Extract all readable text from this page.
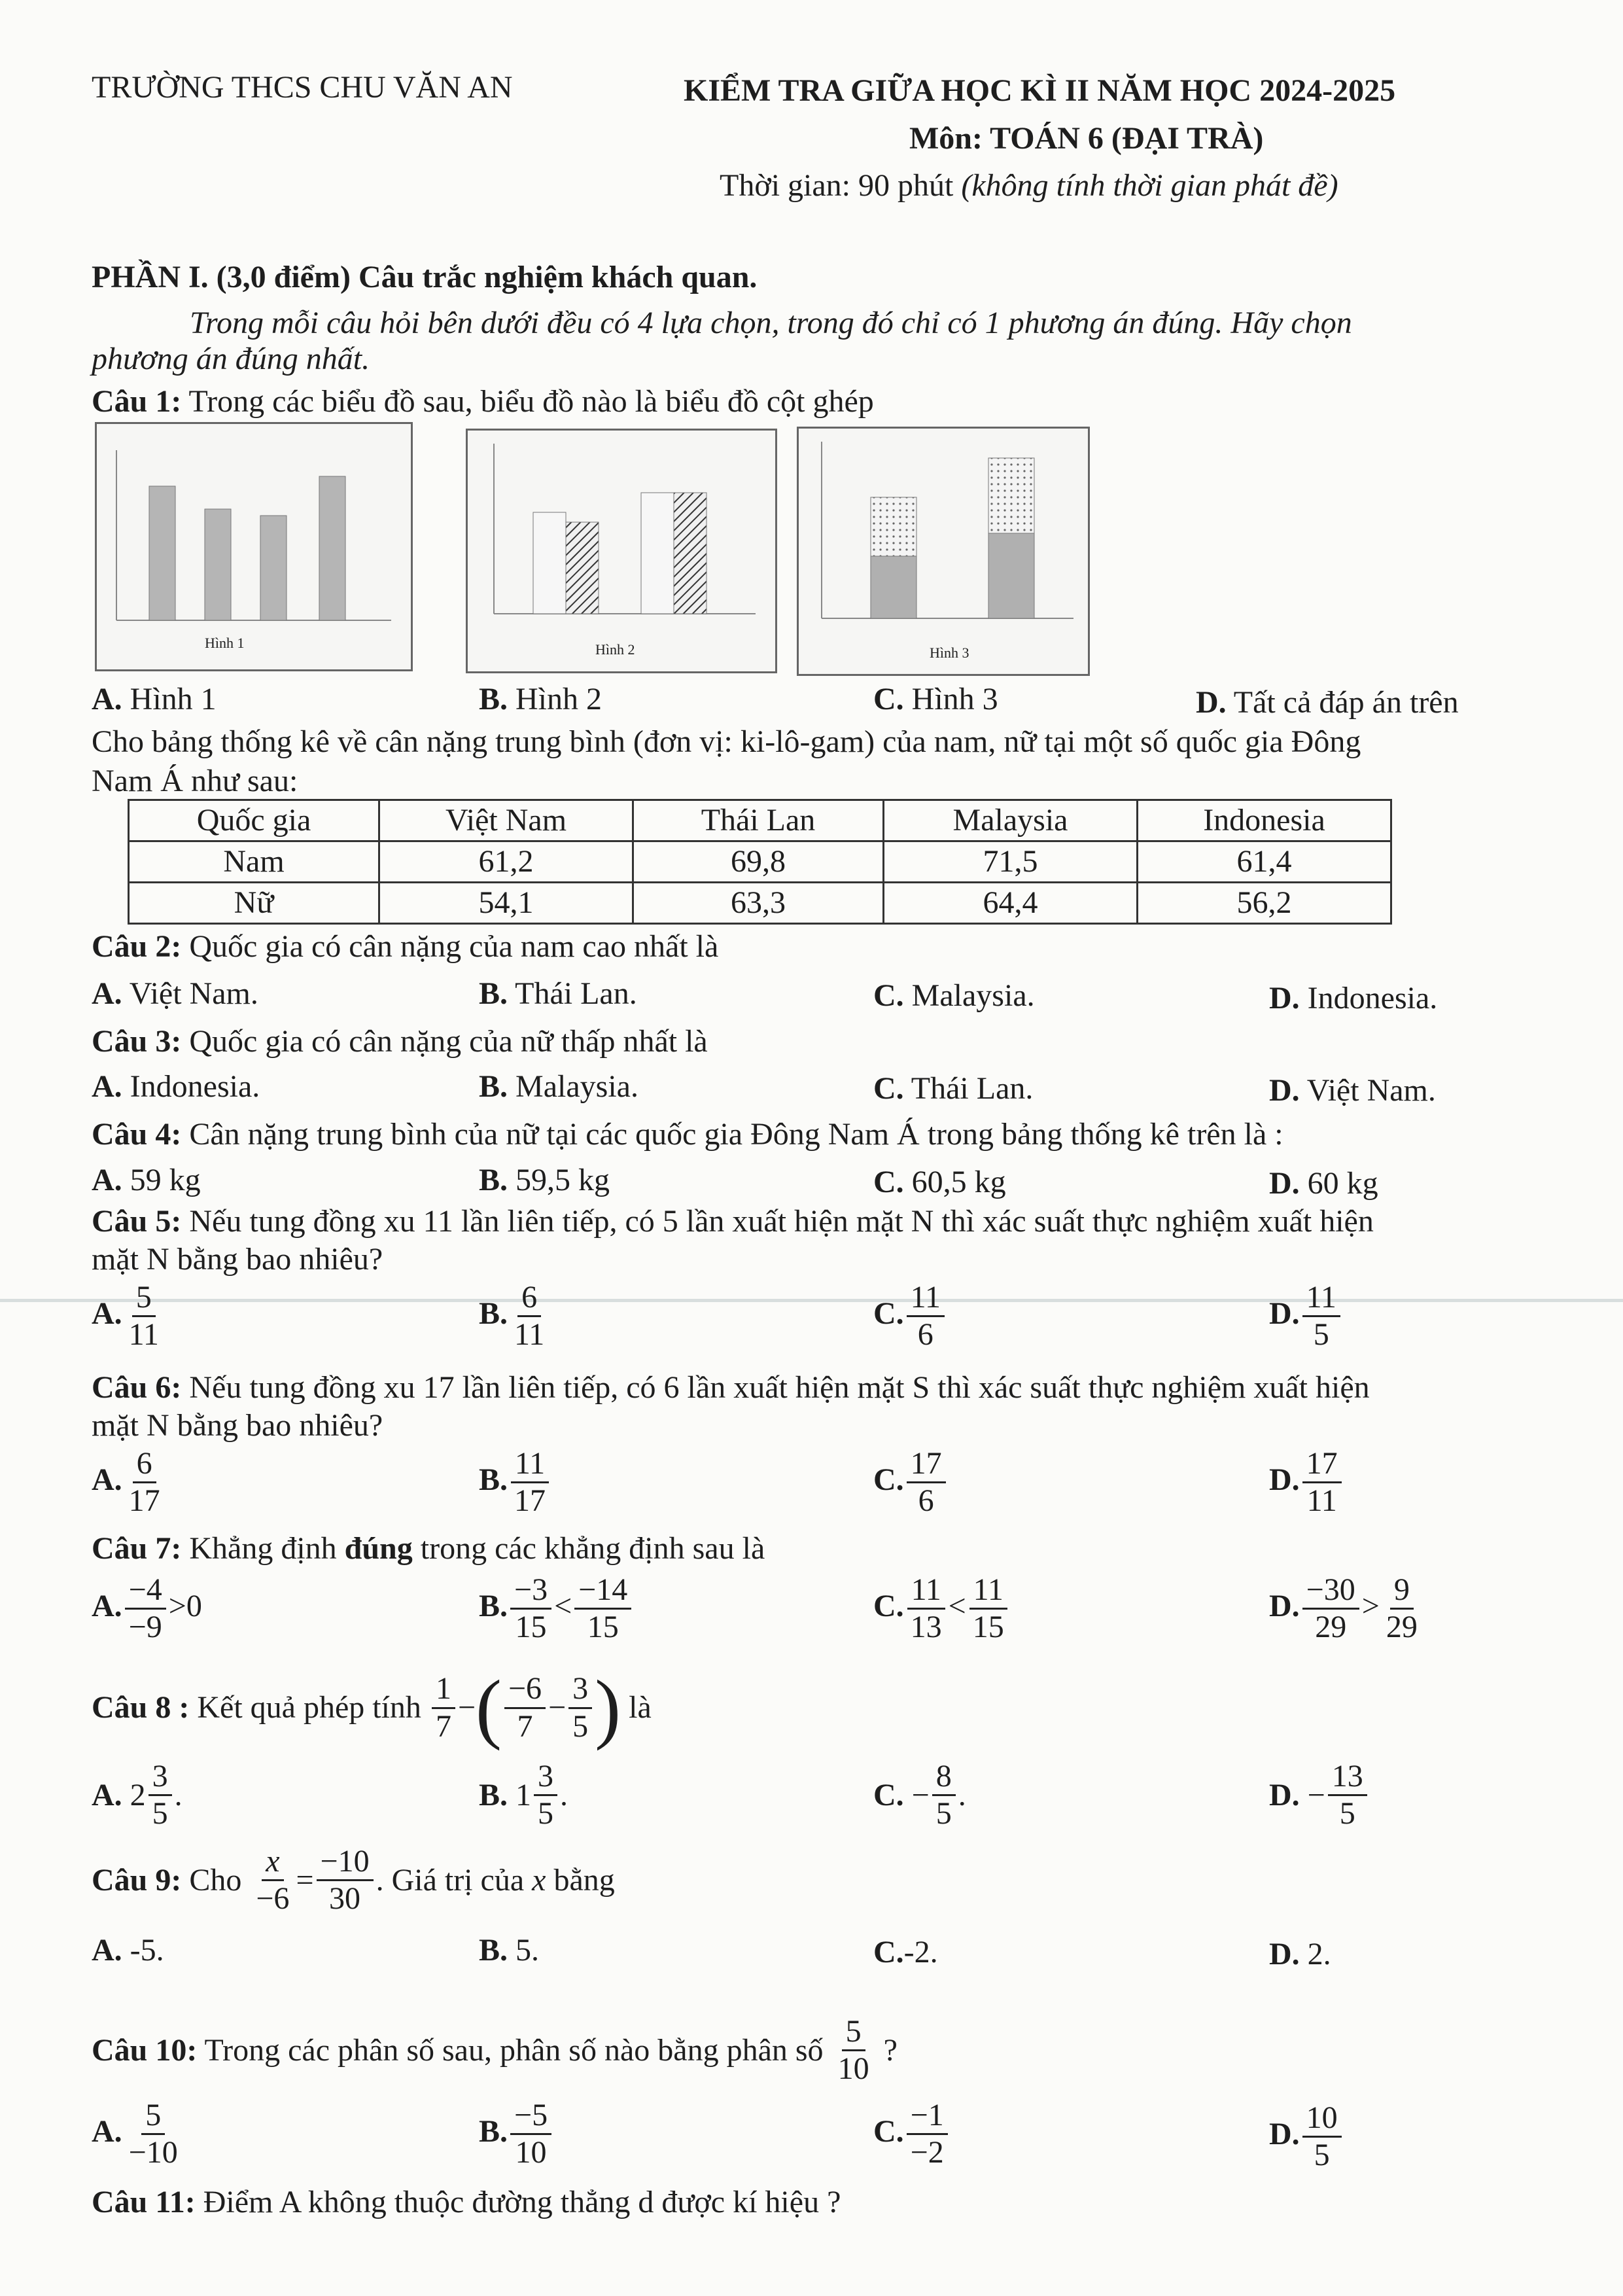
TRƯỜNG THCS CHU VĂN AN	KIỂM TRA GIỮA HỌC KÌ II NĂM HỌC 2024-2025
Môn: TOÁN 6 (ĐẠI TRÀ)
Thời gian: 90 phút (không tính thời gian phát đề)
PHẦN I. (3,0 điểm) Câu trắc nghiệm khách quan.
Trong mỗi câu hỏi bên dưới đều có 4 lựa chọn, trong đó chỉ có 1 phương án đúng. Hãy chọn
phương án đúng nhất.
Câu 1: Trong các biểu đồ sau, biểu đồ nào là biểu đồ cột ghép
Hình 1	Hình 2	Hình 3
A. Hình 1	B. Hình 2	C. Hình 3	D. Tất cả đáp án trên
Cho bảng thống kê về cân nặng trung bình (đơn vị: ki-lô-gam) của nam, nữ tại một số quốc gia Đông
Nam Á như sau:
Quốc gia	Việt Nam	Thái Lan	Malaysia	Indonesia
Nam	61,2	69,8	71,5	61,4
Nữ	54,1	63,3	64,4	56,2
Câu 2: Quốc gia có cân nặng của nam cao nhất là
A. Việt Nam.	B. Thái Lan.	C. Malaysia.	D. Indonesia.
Câu 3: Quốc gia có cân nặng của nữ thấp nhất là
A. Indonesia.	B. Malaysia.	C. Thái Lan.	D. Việt Nam.
Câu 4: Cân nặng trung bình của nữ tại các quốc gia Đông Nam Á trong bảng thống kê trên là :
A. 59 kg	B. 59,5 kg	C. 60,5 kg	D. 60 kg
Câu 5: Nếu tung đồng xu 11 lần liên tiếp, có 5 lần xuất hiện mặt N thì xác suất thực nghiệm xuất hiện
mặt N bằng bao nhiêu?
A. $\frac{5}{11}$	B. $\frac{6}{11}$	C. $\frac{11}{6}$	D. $\frac{11}{5}$
Câu 6: Nếu tung đồng xu 17 lần liên tiếp, có 6 lần xuất hiện mặt S thì xác suất thực nghiệm xuất hiện
mặt N bằng bao nhiêu?
A. $\frac{6}{17}$	B. $\frac{11}{17}$	C. $\frac{17}{6}$	D. $\frac{17}{11}$
Câu 7: Khẳng định đúng trong các khẳng định sau là
A. $\frac{-4}{-9} >0$	B. $\frac{-3}{15} < \frac{-14}{15}$	C. $\frac{11}{13} < \frac{11}{15}$	D. $\frac{-30}{29} > \frac{9}{29}$
Câu 8 : Kết quả phép tính $\frac{1}{7}$ − ( $\frac{-6}{7} - \frac{3}{5}$ ) là
A.
$2 \frac{3}{5}$ .	B.
$1 \frac{3}{5}$ .	C.
− $\frac{8}{5}$ .	D.
− $\frac{13}{5}$
Câu 9: Cho $\frac{x}{-6} = \frac{-10}{30}$ . Giá trị của x bằng
A. -5.	B. 5.	C.-2.	D. 2.
Câu 10: Trong các phân số sau, phân số nào bằng phân số $\frac{5}{10}$ ?
A. $\frac{5}{-10}$	B. $\frac{-5}{10}$	C. $\frac{-1}{-2}$	D. $\frac{10}{5}$
Câu 11: Điểm A không thuộc đường thẳng d được kí hiệu ?
